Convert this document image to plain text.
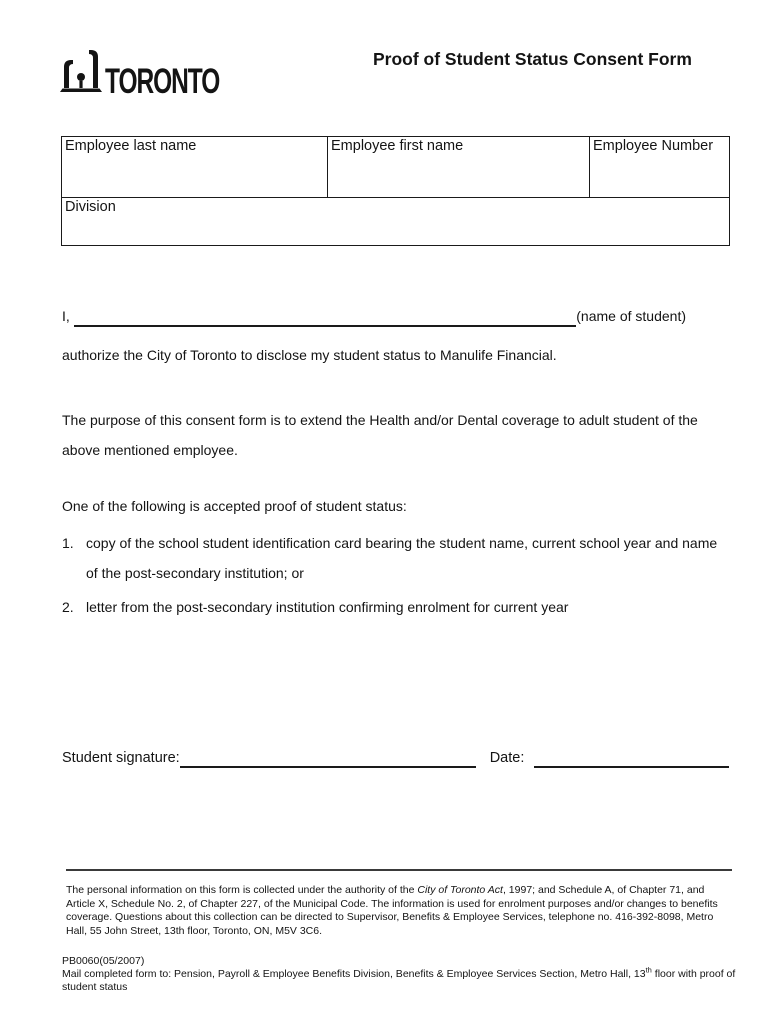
TORONTO
Proof of Student Status Consent Form
Employee last name	Employee first name	Employee Number
Division
I,	(name of student)

authorize the City of Toronto to disclose my student status to Manulife Financial.

The purpose of this consent form is to extend the Health and/or Dental coverage to adult student of the
above mentioned employee.

One of the following is accepted proof of student status:

1. copy of the school student identification card bearing the student name, current school year and name
of the post-secondary institution; or
2. letter from the post-secondary institution confirming enrolment for current year
Student signature:	Date:

The personal information on this form is collected under the authority of the City of Toronto Act, 1997; and Schedule A, of Chapter 71, and Article X, Schedule No. 2, of Chapter 227, of the Municipal Code. The information is used for enrolment purposes and/or changes to benefits coverage. Questions about this collection can be directed to Supervisor, Benefits & Employee Services, telephone no. 416-392-8098, Metro Hall, 55 John Street, 13th floor, Toronto, ON, M5V 3C6.

PB0060(05/2007)

Mail completed form to: Pension, Payroll & Employee Benefits Division, Benefits & Employee Services Section, Metro Hall, 13th floor with proof of
student status
